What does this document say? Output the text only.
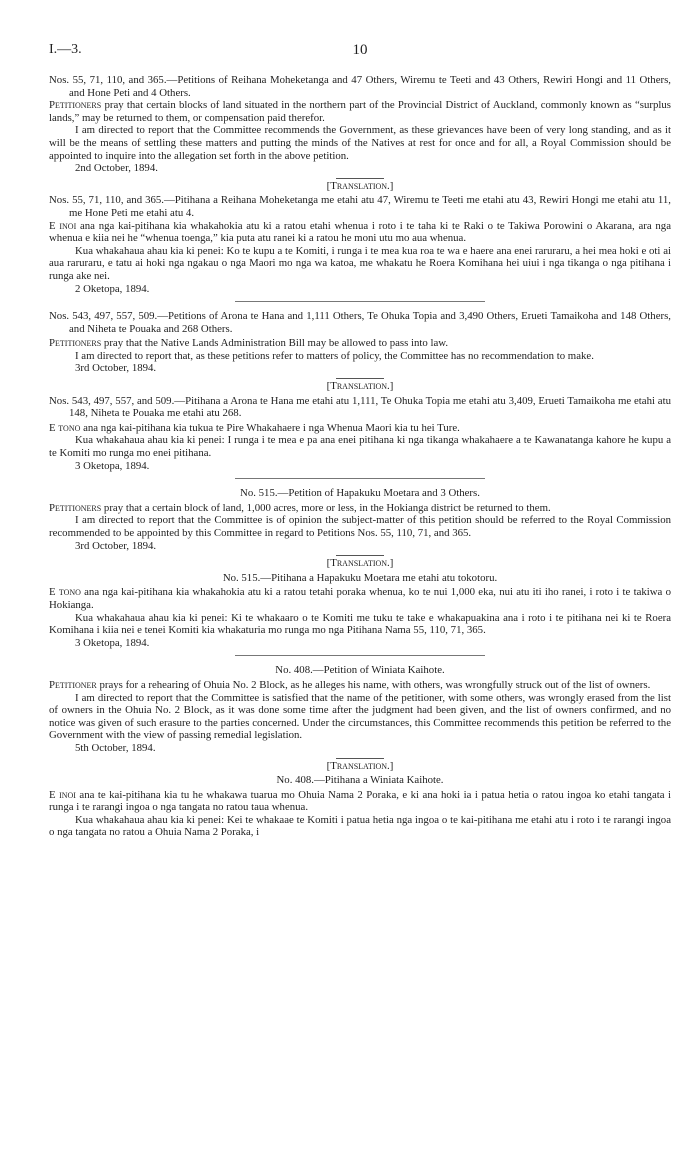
I.—3.	10

Nos. 55, 71, 110, and 365.—Petitions of Reihana Moheketanga and 47 Others, Wiremu te Teeti and 43 Others, Rewiri Hongi and 11 Others, and Hone Peti and 4 Others.

Petitioners pray that certain blocks of land situated in the northern part of the Provincial District of Auckland, commonly known as “surplus lands,” may be returned to them, or compensation paid therefor.

I am directed to report that the Committee recommends the Government, as these grievances have been of very long standing, and as it will be the means of settling these matters and putting the minds of the Natives at rest for once and for all, a Royal Commission should be appointed to inquire into the allegation set forth in the above petition.

2nd October, 1894.

[Translation.]

Nos. 55, 71, 110, and 365.—Pitihana a Reihana Moheketanga me etahi atu 47, Wiremu te Teeti me etahi atu 43, Rewiri Hongi me etahi atu 11, me Hone Peti me etahi atu 4.

E inoi ana nga kai-pitihana kia whakahokia atu ki a ratou etahi whenua i roto i te taha ki te Raki o te Takiwa Porowini o Akarana, ara nga whenua e kiia nei he “whenua toenga,” kia puta atu ranei ki a ratou he moni utu mo aua whenua.

Kua whakahaua ahau kia ki penei: Ko te kupu a te Komiti, i runga i te mea kua roa te wa e haere ana enei raruraru, a hei mea hoki e oti ai aua raruraru, e tatu ai hoki nga ngakau o nga Maori mo nga wa katoa, me whakatu he Roera Komihana hei uiui i nga tikanga o nga pitihana i runga ake nei.

2 Oketopa, 1894.

Nos. 543, 497, 557, 509.—Petitions of Arona te Hana and 1,111 Others, Te Ohuka Topia and 3,490 Others, Erueti Tamaikoha and 148 Others, and Niheta te Pouaka and 268 Others.

Petitioners pray that the Native Lands Administration Bill may be allowed to pass into law.

I am directed to report that, as these petitions refer to matters of policy, the Committee has no recommendation to make.

3rd October, 1894.

[Translation.]

Nos. 543, 497, 557, and 509.—Pitihana a Arona te Hana me etahi atu 1,111, Te Ohuka Topia me etahi atu 3,409, Erueti Tamaikoha me etahi atu 148, Niheta te Pouaka me etahi atu 268.

E tono ana nga kai-pitihana kia tukua te Pire Whakahaere i nga Whenua Maori kia tu hei Ture.

Kua whakahaua ahau kia ki penei: I runga i te mea e pa ana enei pitihana ki nga tikanga whakahaere a te Kawanatanga kahore he kupu a te Komiti mo runga mo enei pitihana.

3 Oketopa, 1894.

No. 515.—Petition of Hapakuku Moetara and 3 Others.

Petitioners pray that a certain block of land, 1,000 acres, more or less, in the Hokianga district be returned to them.

I am directed to report that the Committee is of opinion the subject-matter of this petition should be referred to the Royal Commission recommended to be appointed by this Committee in regard to Petitions Nos. 55, 110, 71, and 365.

3rd October, 1894.

[Translation.]

No. 515.—Pitihana a Hapakuku Moetara me etahi atu tokotoru.

E tono ana nga kai-pitihana kia whakahokia atu ki a ratou tetahi poraka whenua, ko te nui 1,000 eka, nui atu iti iho ranei, i roto i te takiwa o Hokianga.

Kua whakahaua ahau kia ki penei: Ki te whakaaro o te Komiti me tuku te take e whakapuakina ana i roto i te pitihana nei ki te Roera Komihana i kiia nei e tenei Komiti kia whakaturia mo runga mo nga Pitihana Nama 55, 110, 71, 365.

3 Oketopa, 1894.

No. 408.—Petition of Winiata Kaihote.

Petitioner prays for a rehearing of Ohuia No. 2 Block, as he alleges his name, with others, was wrongfully struck out of the list of owners.

I am directed to report that the Committee is satisfied that the name of the petitioner, with some others, was wrongly erased from the list of owners in the Ohuia No. 2 Block, as it was done some time after the judgment had been given, and the list of owners confirmed, and no notice was given of such erasure to the parties concerned. Under the circumstances, this Committee recommends this petition be referred to the Government with the view of passing remedial legislation.

5th October, 1894.

[Translation.]

No. 408.—Pitihana a Winiata Kaihote.

E inoi ana te kai-pitihana kia tu he whakawa tuarua mo Ohuia Nama 2 Poraka, e ki ana hoki ia i patua hetia o ratou ingoa ko etahi tangata i runga i te rarangi ingoa o nga tangata no ratou taua whenua.

Kua whakahaua ahau kia ki penei: Kei te whakaae te Komiti i patua hetia nga ingoa o te kai-pitihana me etahi atu i roto i te rarangi ingoa o nga tangata no ratou a Ohuia Nama 2 Poraka, i
